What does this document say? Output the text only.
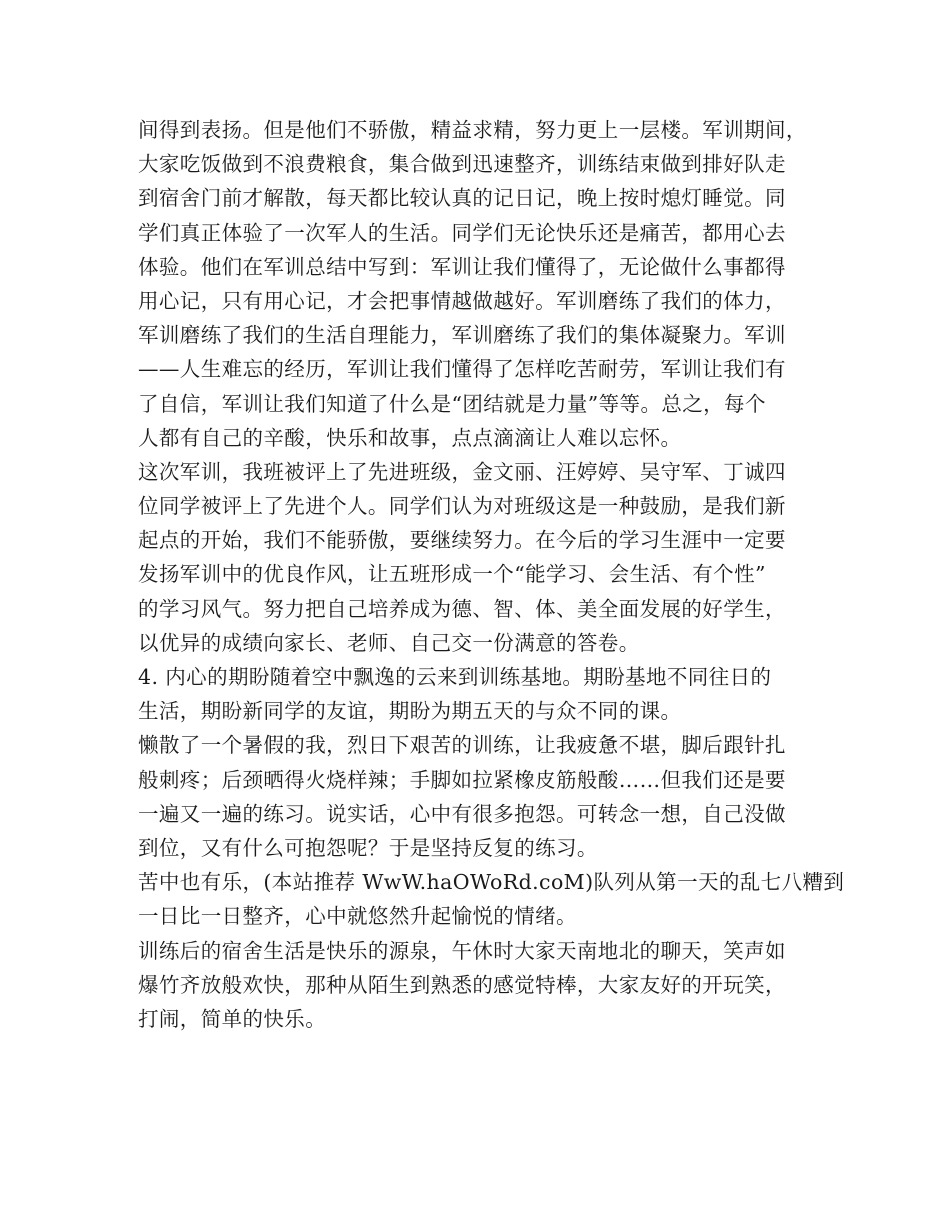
间得到表扬。但是他们不骄傲，精益求精，努力更上一层楼。军训期间，
大家吃饭做到不浪费粮食，集合做到迅速整齐，训练结束做到排好队走
到宿舍门前才解散，每天都比较认真的记日记，晚上按时熄灯睡觉。同
学们真正体验了一次军人的生活。同学们无论快乐还是痛苦，都用心去
体验。他们在军训总结中写到：军训让我们懂得了，无论做什么事都得
用心记，只有用心记，才会把事情越做越好。军训磨练了我们的体力，
军训磨练了我们的生活自理能力，军训磨练了我们的集体凝聚力。军训
——人生难忘的经历，军训让我们懂得了怎样吃苦耐劳，军训让我们有
了自信，军训让我们知道了什么是“团结就是力量”等等。总之，每个
人都有自己的辛酸，快乐和故事，点点滴滴让人难以忘怀。
这次军训，我班被评上了先进班级，金文丽、汪婷婷、吴守军、丁诚四
位同学被评上了先进个人。同学们认为对班级这是一种鼓励，是我们新
起点的开始，我们不能骄傲，要继续努力。在今后的学习生涯中一定要
发扬军训中的优良作风，让五班形成一个“能学习、会生活、有个性”
的学习风气。努力把自己培养成为德、智、体、美全面发展的好学生，
以优异的成绩向家长、老师、自己交一份满意的答卷。
4. 内心的期盼随着空中飘逸的云来到训练基地。期盼基地不同往日的
生活，期盼新同学的友谊，期盼为期五天的与众不同的课。
懒散了一个暑假的我，烈日下艰苦的训练，让我疲惫不堪，脚后跟针扎
般刺疼；后颈晒得火烧样辣；手脚如拉紧橡皮筋般酸……但我们还是要
一遍又一遍的练习。说实话，心中有很多抱怨。可转念一想，自己没做
到位，又有什么可抱怨呢？于是坚持反复的练习。
苦中也有乐，(本站推荐 WwW.haOWoRd.coM)队列从第一天的乱七八糟到
一日比一日整齐，心中就悠然升起愉悦的情绪。
训练后的宿舍生活是快乐的源泉，午休时大家天南地北的聊天，笑声如
爆竹齐放般欢快，那种从陌生到熟悉的感觉特棒，大家友好的开玩笑，
打闹，简单的快乐。
